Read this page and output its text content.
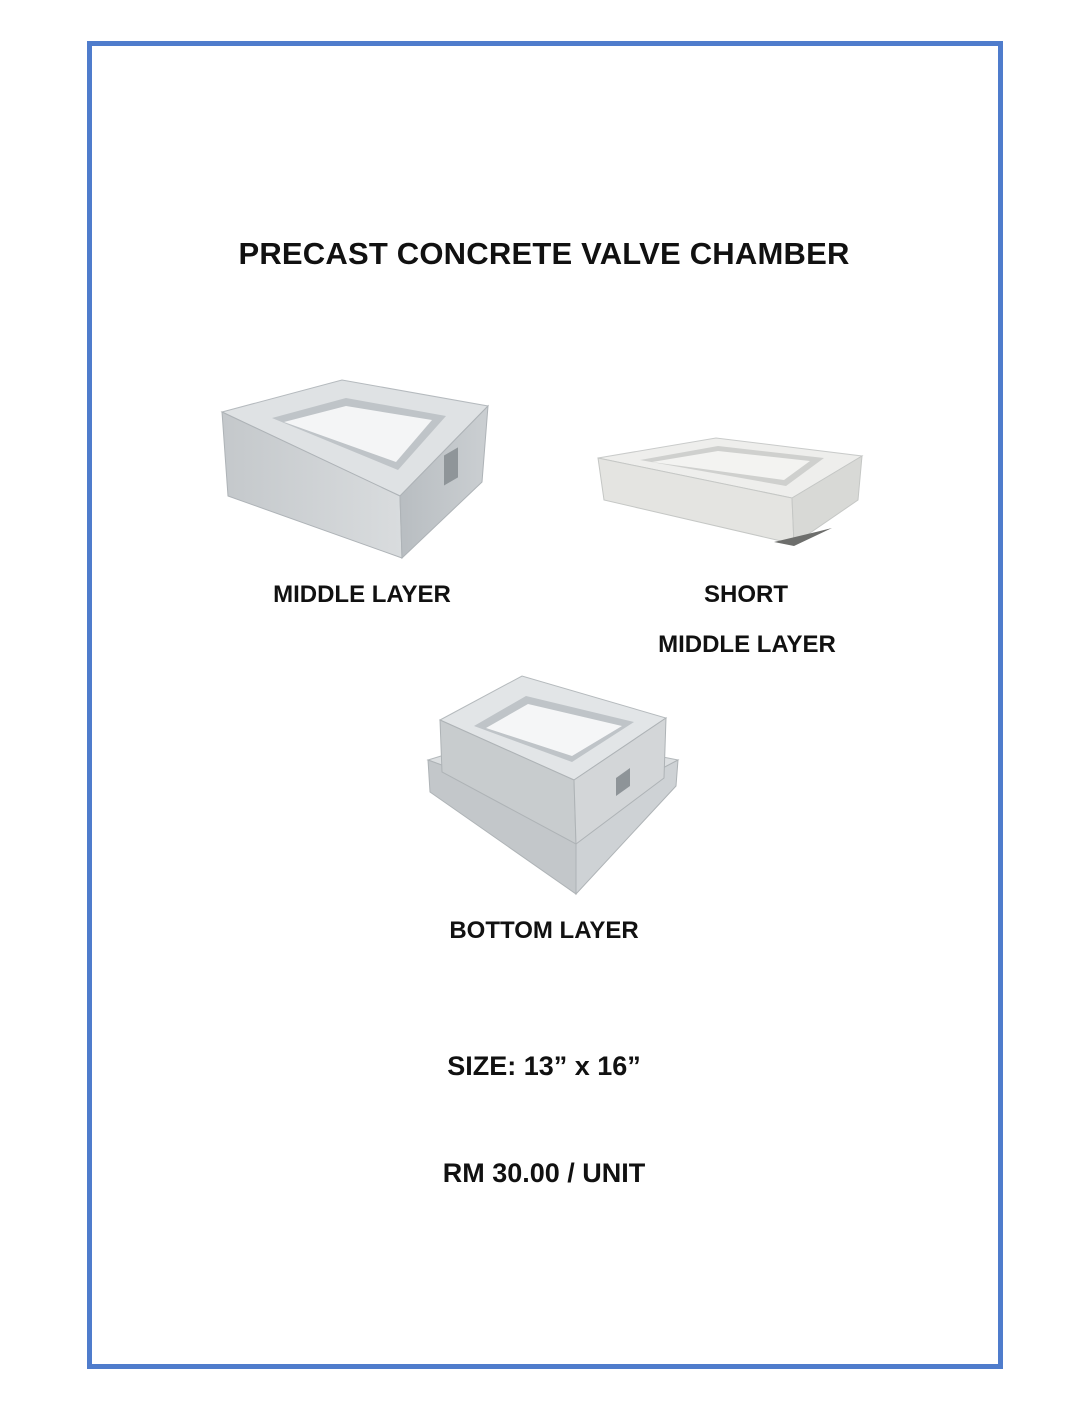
PRECAST CONCRETE VALVE CHAMBER
MIDDLE LAYER	SHORT
MIDDLE LAYER
BOTTOM LAYER
SIZE: 13” x 16”
RM 30.00 / UNIT
